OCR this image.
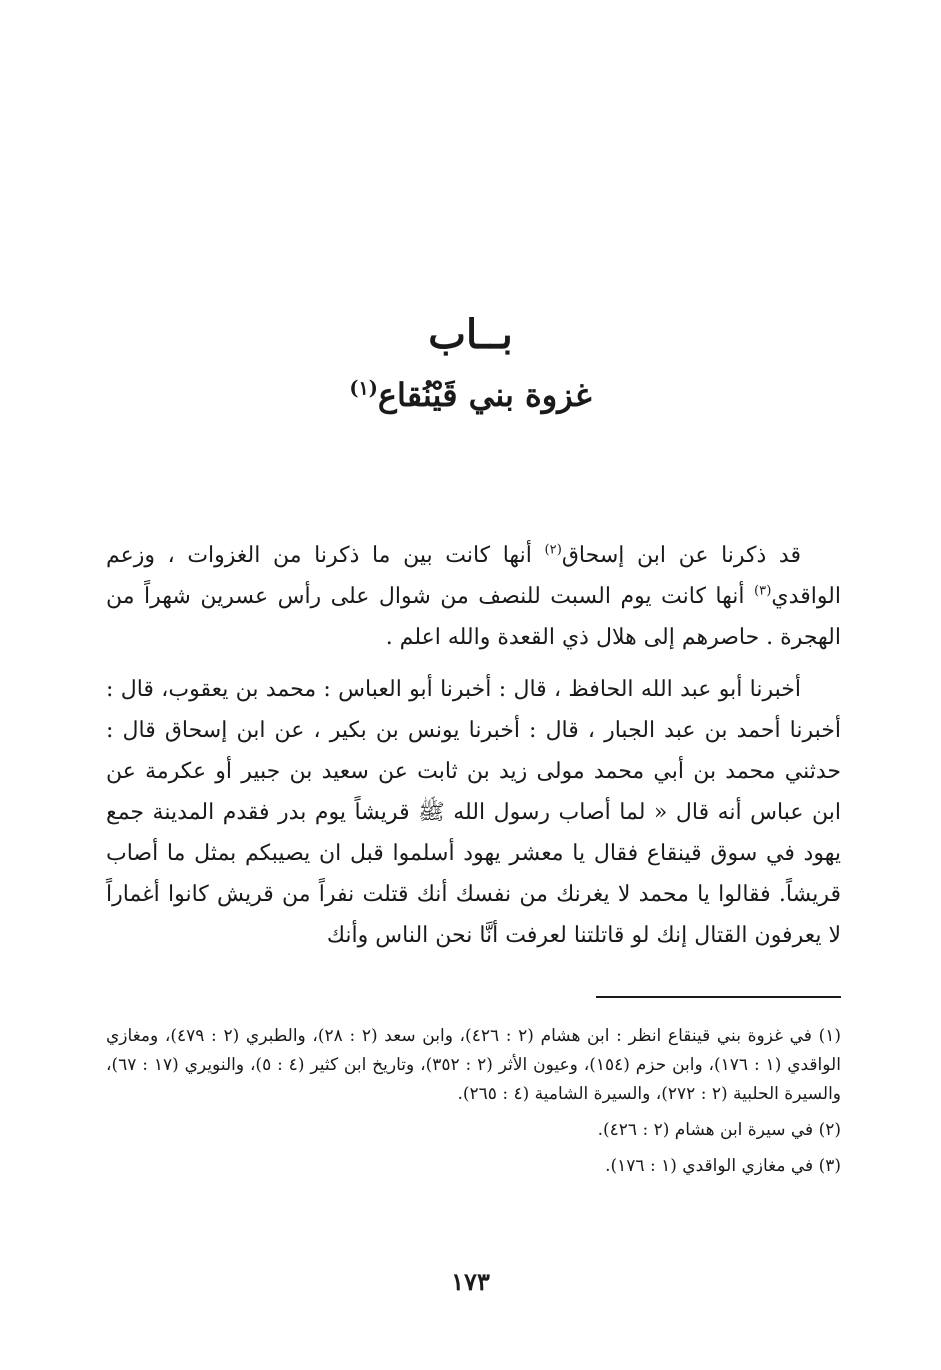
بــاب
غزوة بني قَيْنُقاع$^{(١)}$

قد ذكرنا عن ابن إسحاق$^{(٢)}$ أنها كانت بين ما ذكرنا من الغزوات ، وزعم الواقدي$^{(٣)}$ أنها كانت يوم السبت للنصف من شوال على رأس عسرين شهراً من الهجرة . حاصرهم إلى هلال ذي القعدة والله اعلم .

أخبرنا أبو عبد الله الحافظ ، قال : أخبرنا أبو العباس : محمد بن يعقوب، قال : أخبرنا أحمد بن عبد الجبار ، قال : أخبرنا يونس بن بكير ، عن ابن إسحاق قال : حدثني محمد بن أبي محمد مولى زيد بن ثابت عن سعيد بن جبير أو عكرمة عن ابن عباس أنه قال « لما أصاب رسول الله ﷺ قريشاً يوم بدر فقدم المدينة جمع يهود في سوق قينقاع فقال يا معشر يهود أسلموا قبل ان يصيبكم بمثل ما أصاب قريشاً. فقالوا يا محمد لا يغرنك من نفسك أنك قتلت نفراً من قريش كانوا أغماراً لا يعرفون القتال إنك لو قاتلتنا لعرفت أنَّا نحن الناس وأنك

(١) في غزوة بني قينقاع انظر : ابن هشام (٢ : ٤٢٦)، وابن سعد (٢ : ٢٨)، والطبري (٢ : ٤٧٩)، ومغازي الواقدي (١ : ١٧٦)، وابن حزم (١٥٤)، وعيون الأثر (٢ : ٣٥٢)، وتاريخ ابن كثير (٤ : ٥)، والنويري (١٧ : ٦٧)، والسيرة الحلبية (٢ : ٢٧٢)، والسيرة الشامية (٤ : ٢٦٥).

(٢) في سيرة ابن هشام (٢ : ٤٢٦).

(٣) في مغازي الواقدي (١ : ١٧٦).

١٧٣
